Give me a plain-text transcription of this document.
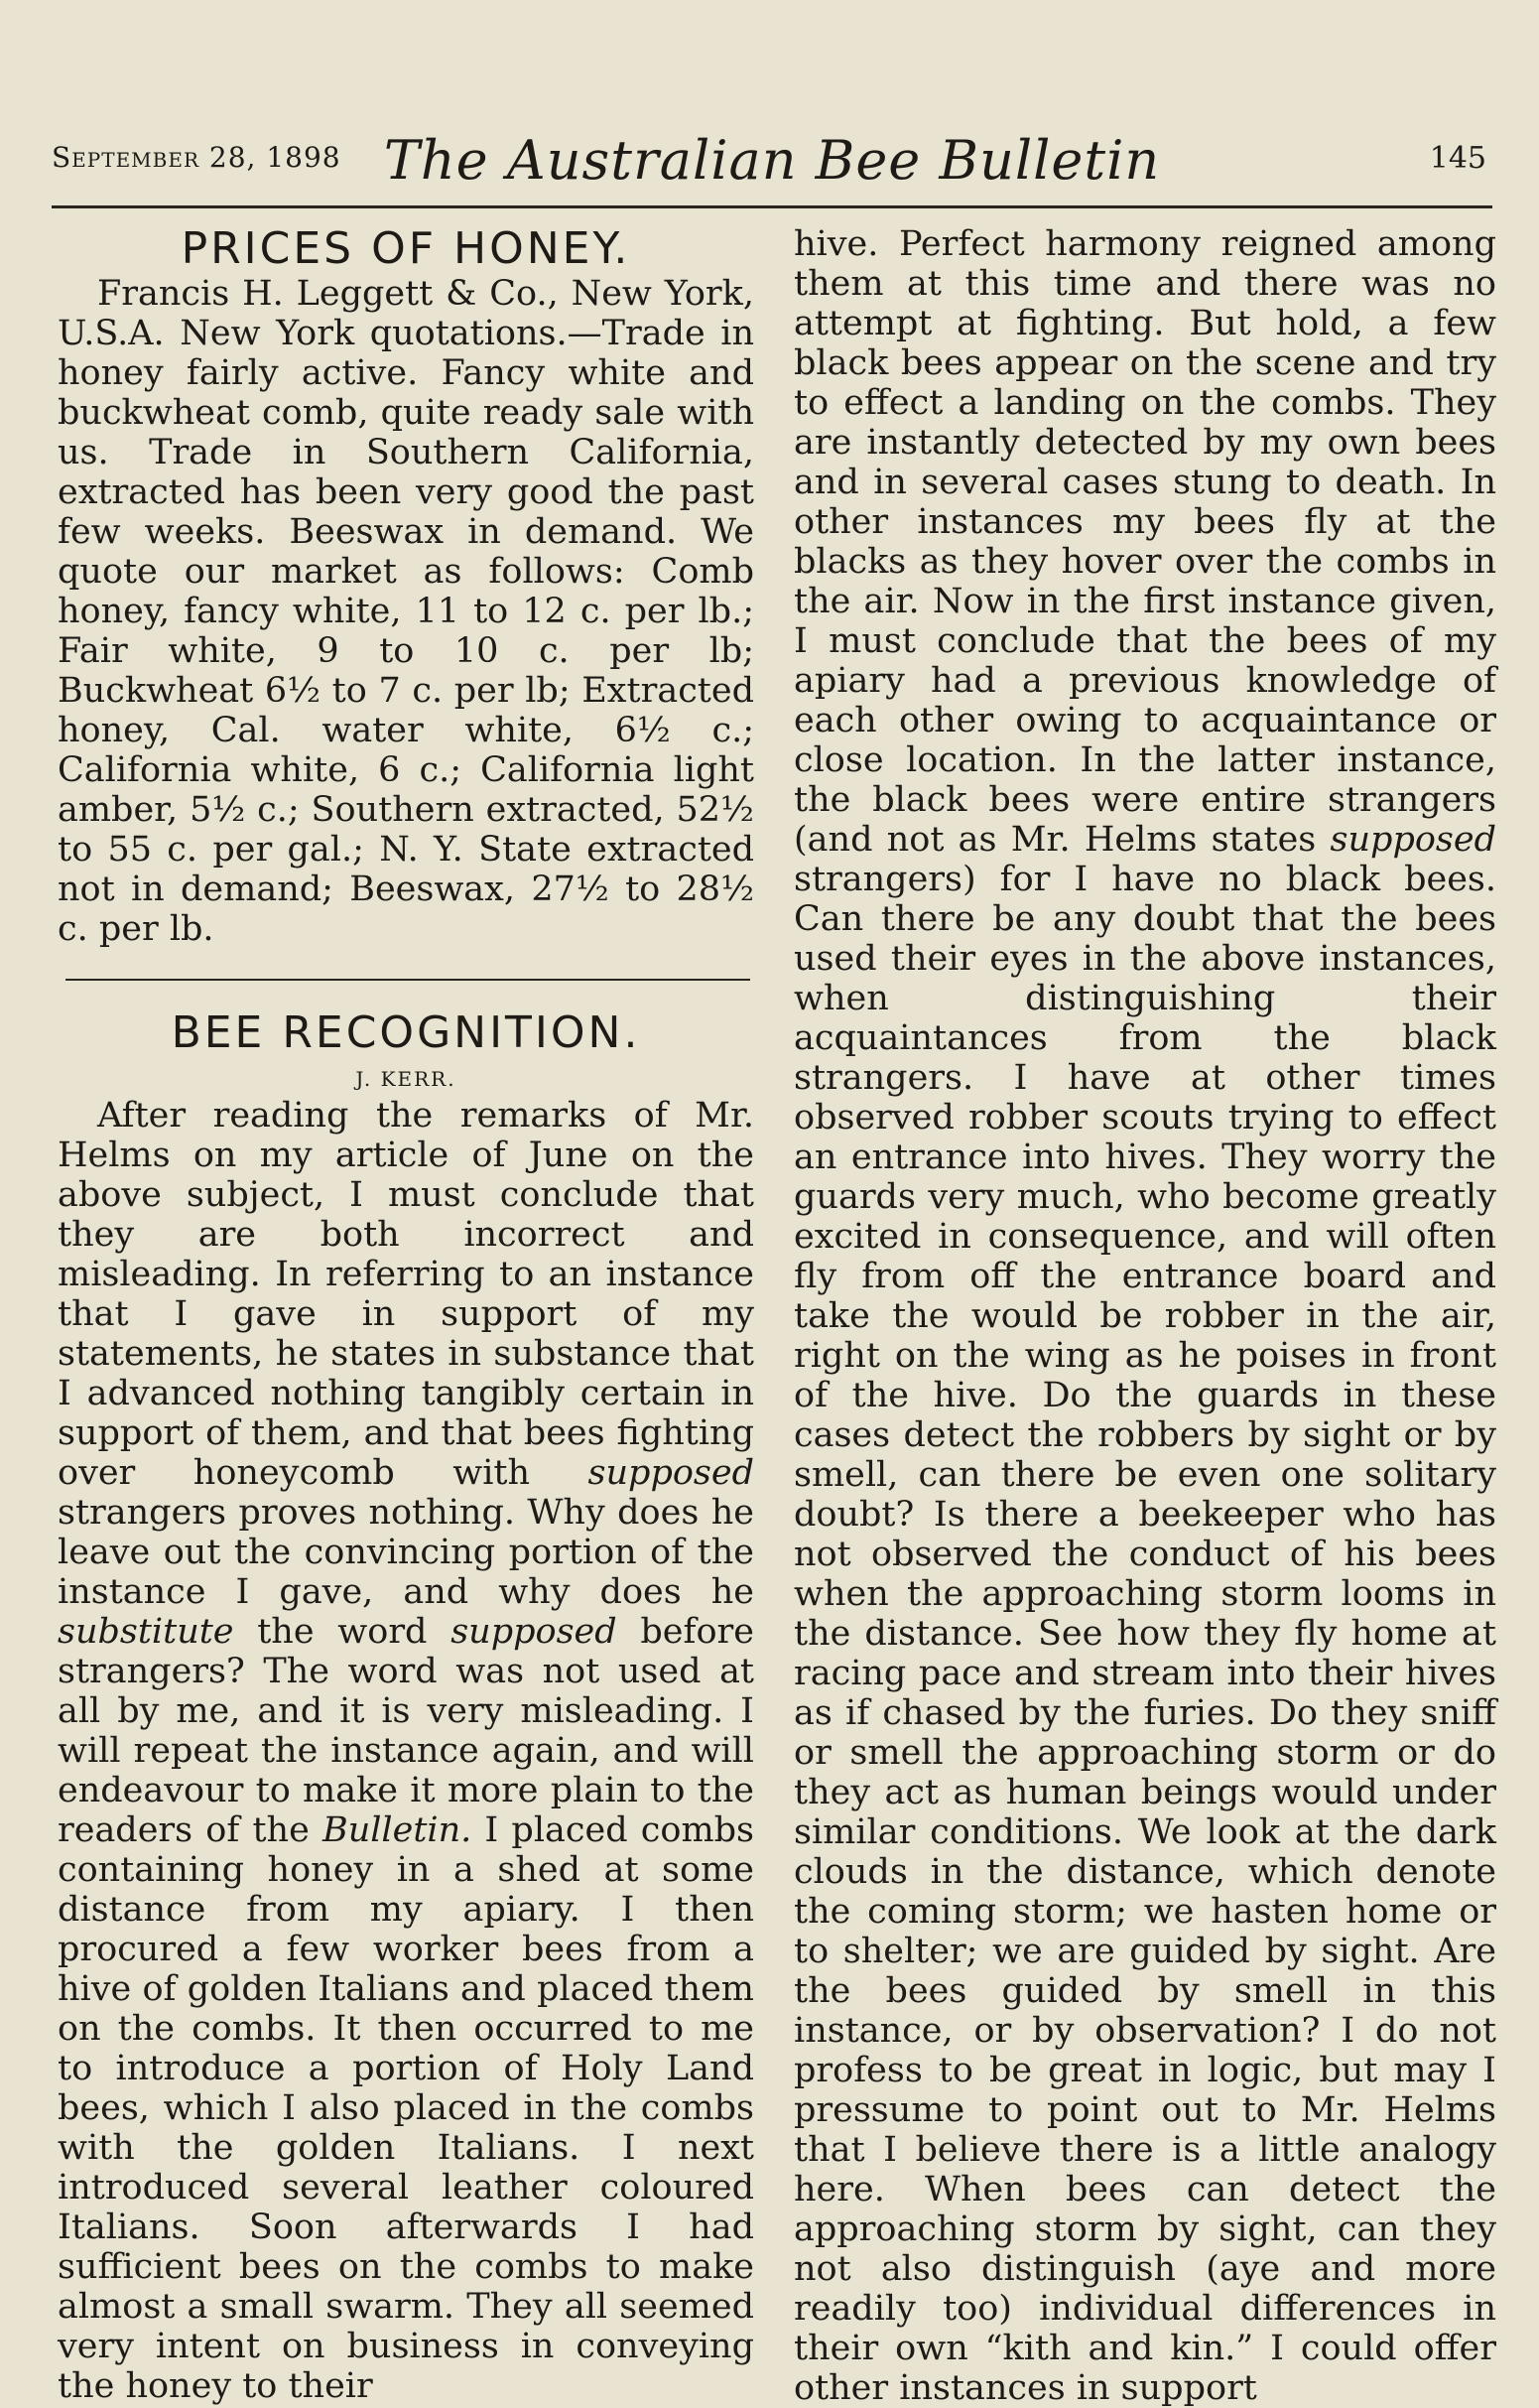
September 28, 1898 The Australian Bee Bulletin	145
PRICES OF HONEY.

Francis H. Leggett & Co., New York, U.S.A. New York quotations.—Trade in honey fairly active. Fancy white and buckwheat comb, quite ready sale with us. Trade in Southern California, extracted has been very good the past few weeks. Beeswax in demand. We quote our market as follows: Comb honey, fancy white, 11 to 12 c. per lb.; Fair white, 9 to 10 c. per lb; Buckwheat 6½ to 7 c. per lb; Extracted honey, Cal. water white, 6½ c.; California white, 6 c.; California light amber, 5½ c.; Southern extracted, 52½ to 55 c. per gal.; N. Y. State extracted not in demand; Beeswax, 27½ to 28½ c. per lb.

BEE RECOGNITION.
J. KERR.

After reading the remarks of Mr. Helms on my article of June on the above subject, I must conclude that they are both incorrect and misleading. In referring to an instance that I gave in support of my statements, he states in substance that I advanced nothing tangibly certain in support of them, and that bees fighting over honeycomb with supposed strangers proves nothing. Why does he leave out the convincing portion of the instance I gave, and why does he substitute the word supposed before strangers? The word was not used at all by me, and it is very misleading. I will repeat the instance again, and will endeavour to make it more plain to the readers of the Bulletin. I placed combs containing honey in a shed at some distance from my apiary. I then procured a few worker bees from a hive of golden Italians and placed them on the combs. It then occurred to me to introduce a portion of Holy Land bees, which I also placed in the combs with the golden Italians. I next introduced several leather coloured Italians. Soon afterwards I had sufficient bees on the combs to make almost a small swarm. They all seemed very intent on business in conveying the honey to their

hive. Perfect harmony reigned among them at this time and there was no attempt at fighting. But hold, a few black bees appear on the scene and try to effect a landing on the combs. They are instantly detected by my own bees and in several cases stung to death. In other instances my bees fly at the blacks as they hover over the combs in the air. Now in the first instance given, I must conclude that the bees of my apiary had a previous knowledge of each other owing to acquaintance or close location. In the latter instance, the black bees were entire strangers (and not as Mr. Helms states supposed strangers) for I have no black bees. Can there be any doubt that the bees used their eyes in the above instances, when distinguishing their acquaintances from the black strangers. I have at other times observed robber scouts trying to effect an entrance into hives. They worry the guards very much, who become greatly excited in consequence, and will often fly from off the entrance board and take the would be robber in the air, right on the wing as he poises in front of the hive. Do the guards in these cases detect the robbers by sight or by smell, can there be even one solitary doubt? Is there a beekeeper who has not observed the conduct of his bees when the approaching storm looms in the distance. See how they fly home at racing pace and stream into their hives as if chased by the furies. Do they sniff or smell the approaching storm or do they act as human beings would under similar conditions. We look at the dark clouds in the distance, which denote the coming storm; we hasten home or to shelter; we are guided by sight. Are the bees guided by smell in this instance, or by observation? I do not profess to be great in logic, but may I pressume to point out to Mr. Helms that I believe there is a little analogy here. When bees can detect the approaching storm by sight, can they not also distinguish (aye and more readily too) individual differences in their own “kith and kin.” I could offer other instances in support
